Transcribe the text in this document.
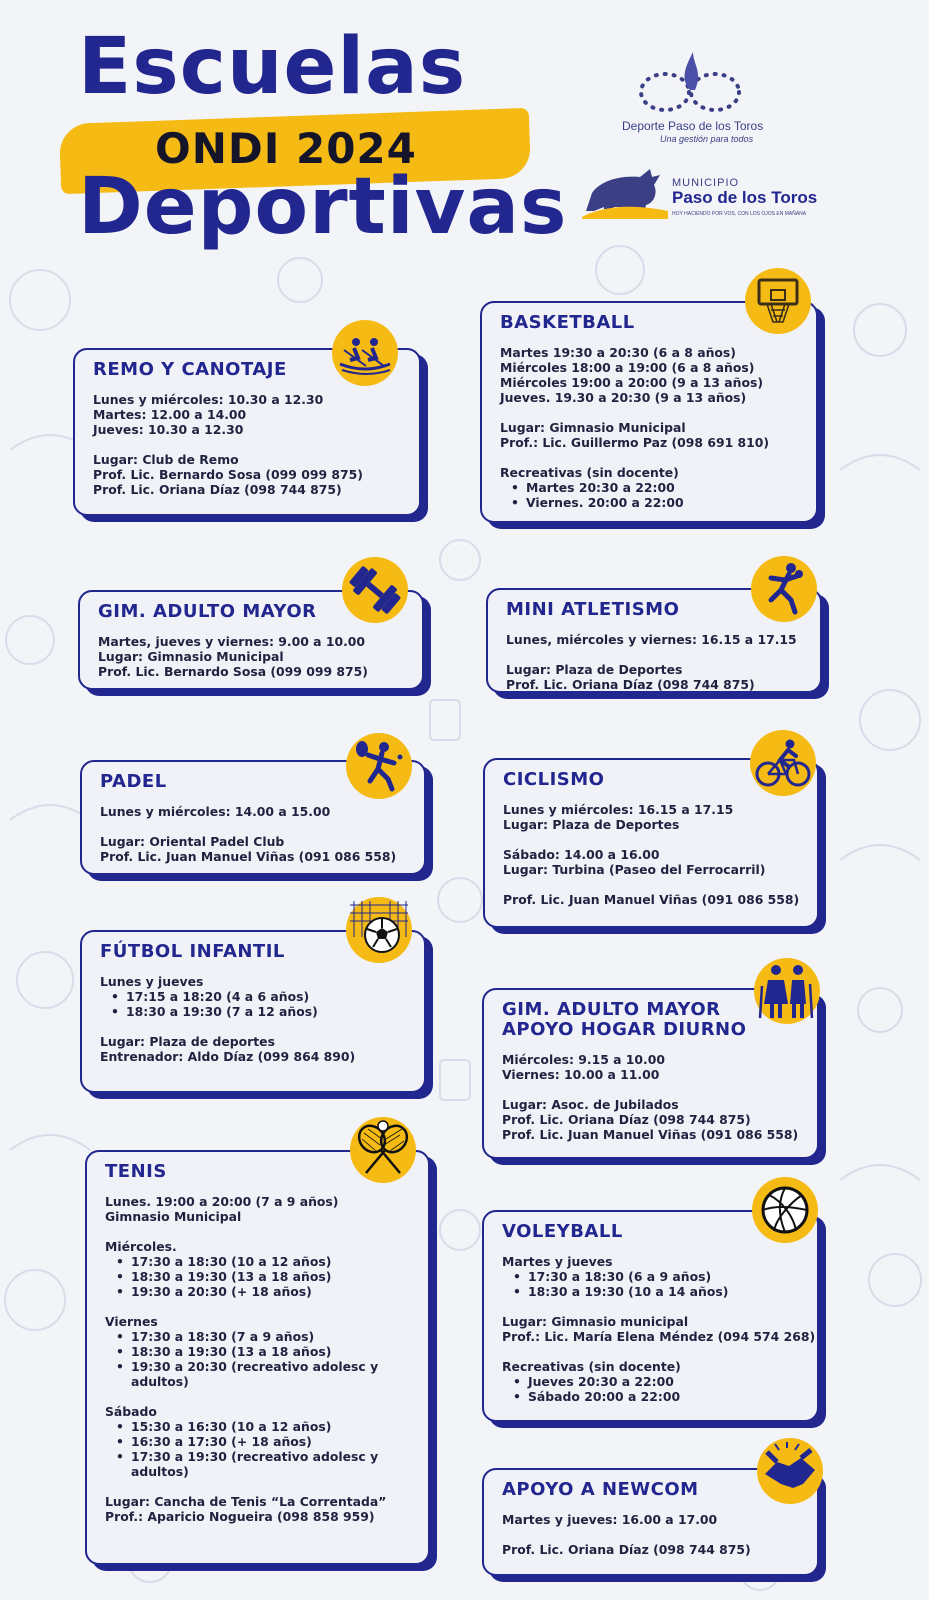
Escuelas
ONDI 2024
Deportivas
Deporte Paso de los Toros
Una gestión para todos
MUNICIPIO
Paso de los Toros
HOY HACIENDO POR VOS, CON LOS OJOS EN MAÑANA
REMO Y CANOTAJE
Lunes y miércoles: 10.30 a 12.30
Martes: 12.00 a 14.00
Jueves: 10.30 a 12.30
Lugar: Club de Remo
Prof. Lic. Bernardo Sosa (099 099 875)
Prof. Lic. Oriana Díaz (098 744 875)
BASKETBALL
Martes 19:30 a 20:30 (6 a 8 años)
Miércoles 18:00 a 19:00 (6 a 8 años)
Miércoles 19:00 a 20:00 (9 a 13 años)
Jueves. 19.30 a 20:30 (9 a 13 años)
Lugar: Gimnasio Municipal
Prof.: Lic. Guillermo Paz (098 691 810)
Recreativas (sin docente)
• Martes 20:30 a 22:00
• Viernes. 20:00 a 22:00
GIM. ADULTO MAYOR
Martes, jueves y viernes: 9.00 a 10.00
Lugar: Gimnasio Municipal
Prof. Lic. Bernardo Sosa (099 099 875)
MINI ATLETISMO
Lunes, miércoles y viernes: 16.15 a 17.15
Lugar: Plaza de Deportes
Prof. Lic. Oriana Díaz (098 744 875)
PADEL
Lunes y miércoles: 14.00 a 15.00
Lugar: Oriental Padel Club
Prof. Lic. Juan Manuel Viñas (091 086 558)
CICLISMO
Lunes y miércoles: 16.15 a 17.15
Lugar: Plaza de Deportes
Sábado: 14.00 a 16.00
Lugar: Turbina (Paseo del Ferrocarril)
Prof. Lic. Juan Manuel Viñas (091 086 558)
FÚTBOL INFANTIL
Lunes y jueves
• 17:15 a 18:20 (4 a 6 años)
• 18:30 a 19:30 (7 a 12 años)
Lugar: Plaza de deportes
Entrenador: Aldo Díaz (099 864 890)
GIM. ADULTO MAYOR
APOYO HOGAR DIURNO
Miércoles: 9.15 a 10.00
Viernes: 10.00 a 11.00
Lugar: Asoc. de Jubilados
Prof. Lic. Oriana Díaz (098 744 875)
Prof. Lic. Juan Manuel Viñas (091 086 558)
TENIS
Lunes. 19:00 a 20:00 (7 a 9 años)
Gimnasio Municipal
Miércoles.
• 17:30 a 18:30 (10 a 12 años)
• 18:30 a 19:30 (13 a 18 años)
• 19:30 a 20:30 (+ 18 años)
Viernes
• 17:30 a 18:30 (7 a 9 años)
• 18:30 a 19:30 (13 a 18 años)
• 19:30 a 20:30 (recreativo adolesc y
adultos)
Sábado
• 15:30 a 16:30 (10 a 12 años)
• 16:30 a 17:30 (+ 18 años)
• 17:30 a 19:30 (recreativo adolesc y
adultos)
Lugar: Cancha de Tenis “La Correntada”
Prof.: Aparicio Nogueira (098 858 959)
VOLEYBALL
Martes y jueves
• 17:30 a 18:30 (6 a 9 años)
• 18:30 a 19:30 (10 a 14 años)
Lugar: Gimnasio municipal
Prof.: Lic. María Elena Méndez (094 574 268)
Recreativas (sin docente)
• Jueves 20:30 a 22:00
• Sábado 20:00 a 22:00
APOYO A NEWCOM
Martes y jueves: 16.00 a 17.00
Prof. Lic. Oriana Díaz (098 744 875)
